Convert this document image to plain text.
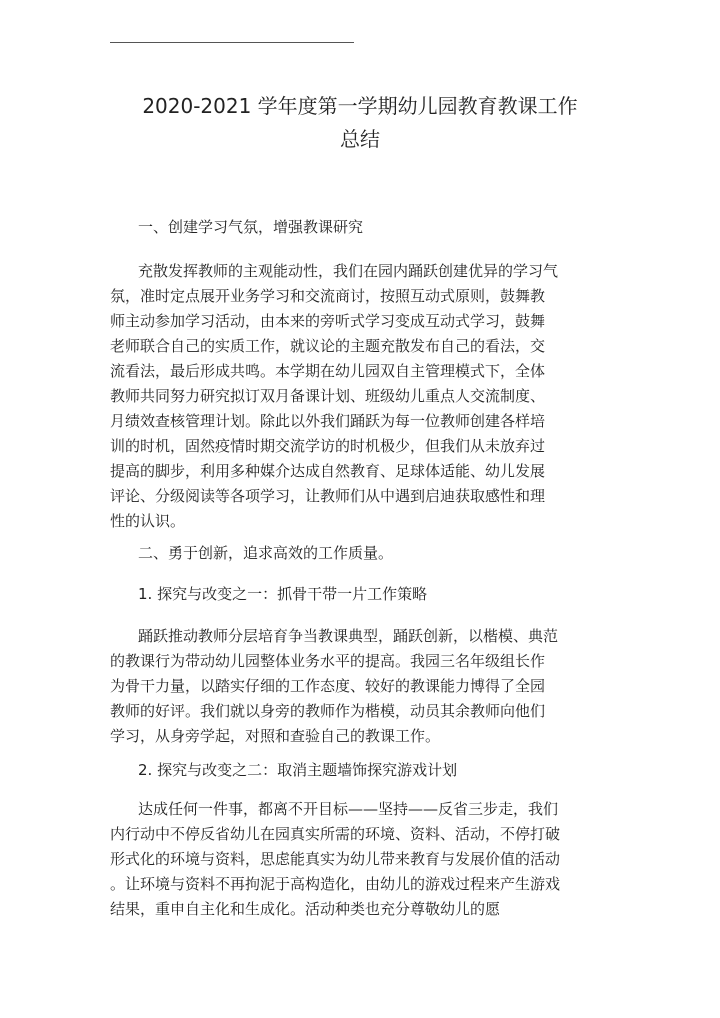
2020-2021 学年度第一学期幼儿园教育教课工作
总结
一、创建学习气氛，增强教课研究
充散发挥教师的主观能动性，我们在园内踊跃创建优异的学习气
氛，准时定点展开业务学习和交流商讨，按照互动式原则，鼓舞教
师主动参加学习活动，由本来的旁听式学习变成互动式学习，鼓舞
老师联合自己的实质工作，就议论的主题充散发布自己的看法，交
流看法，最后形成共鸣。本学期在幼儿园双自主管理模式下，全体
教师共同努力研究拟订双月备课计划、班级幼儿重点人交流制度、
月绩效查核管理计划。除此以外我们踊跃为每一位教师创建各样培
训的时机，固然疫情时期交流学访的时机极少，但我们从未放弃过
提高的脚步，利用多种媒介达成自然教育、足球体适能、幼儿发展
评论、分级阅读等各项学习，让教师们从中遇到启迪获取感性和理
性的认识。
二、勇于创新，追求高效的工作质量。
1. 探究与改变之一：抓骨干带一片工作策略
踊跃推动教师分层培育争当教课典型，踊跃创新，以楷模、典范
的教课行为带动幼儿园整体业务水平的提高。我园三名年级组长作
为骨干力量，以踏实仔细的工作态度、较好的教课能力博得了全园
教师的好评。我们就以身旁的教师作为楷模，动员其余教师向他们
学习，从身旁学起，对照和查验自己的教课工作。
2. 探究与改变之二：取消主题墙饰探究游戏计划
达成任何一件事，都离不开目标——坚持——反省三步走，我们
内行动中不停反省幼儿在园真实所需的环境、资料、活动，不停打破
形式化的环境与资料，思虑能真实为幼儿带来教育与发展价值的活动
。让环境与资料不再拘泥于高构造化，由幼儿的游戏过程来产生游戏
结果，重申自主化和生成化。活动种类也充分尊敬幼儿的愿
